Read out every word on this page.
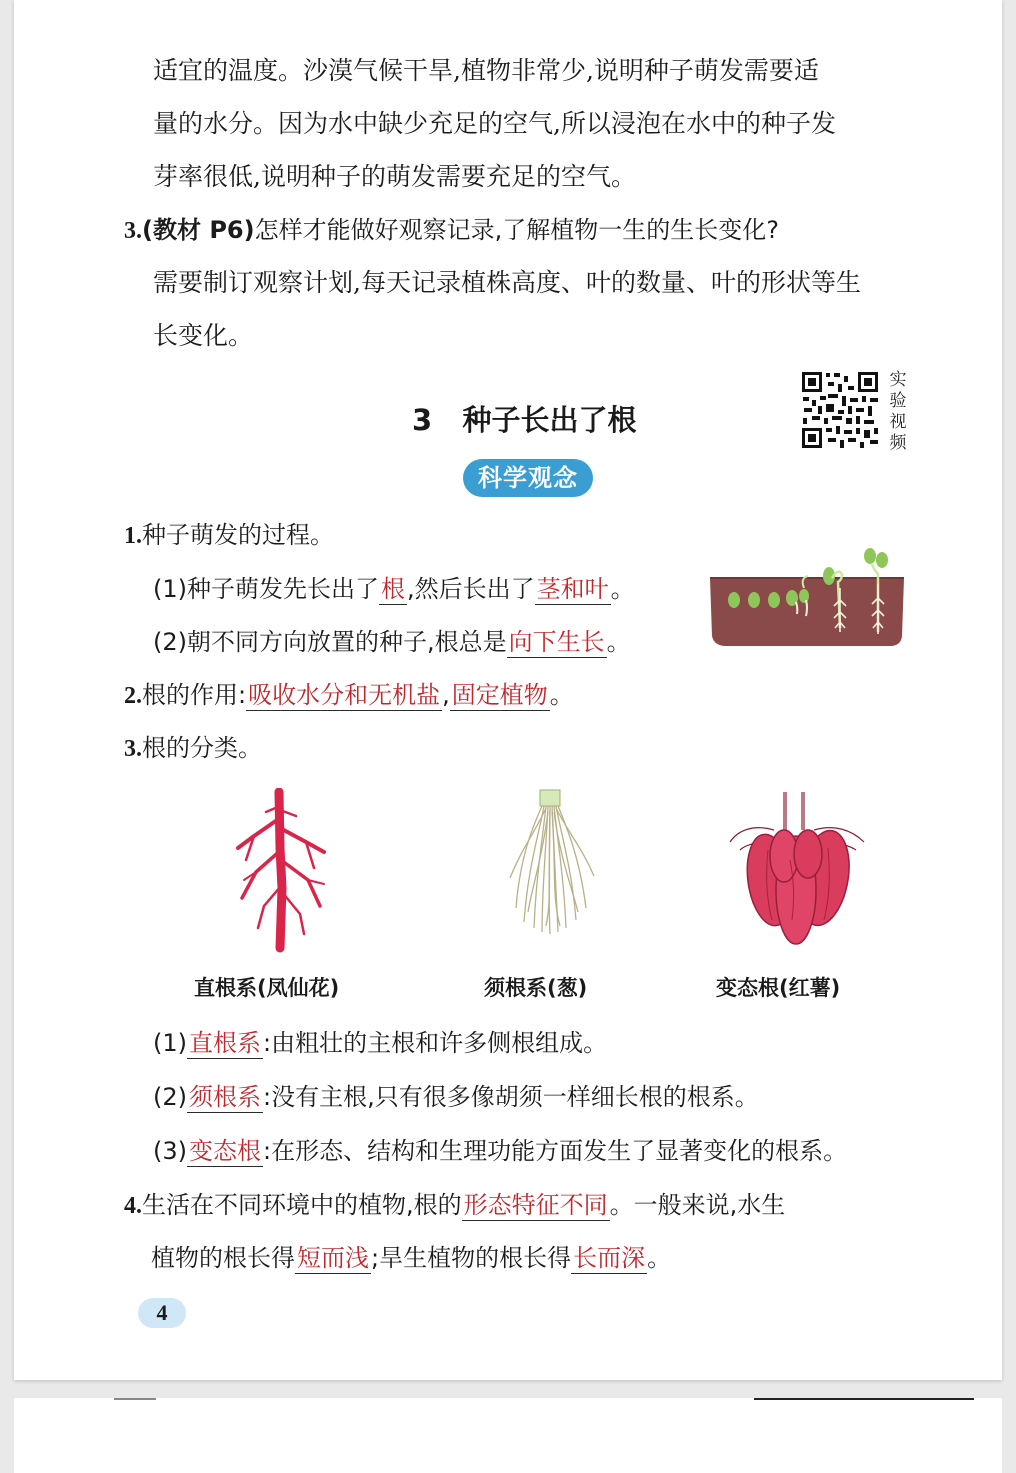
适宜的温度。沙漠气候干旱,植物非常少,说明种子萌发需要适
量的水分。因为水中缺少充足的空气,所以浸泡在水中的种子发
芽率很低,说明种子的萌发需要充足的空气。
3.(教材 P6)怎样才能做好观察记录,了解植物一生的生长变化?
需要制订观察计划,每天记录植株高度、叶的数量、叶的形状等生
长变化。
3 种子长出了根
实
验
视
频
科学观念
1.种子萌发的过程。
(1)种子萌发先长出了根,然后长出了茎和叶。
(2)朝不同方向放置的种子,根总是向下生长。
2.根的作用:吸收水分和无机盐,固定植物。
3.根的分类。
直根系(凤仙花)	须根系(葱)	变态根(红薯)
(1)直根系:由粗壮的主根和许多侧根组成。
(2)须根系:没有主根,只有很多像胡须一样细长根的根系。
(3)变态根:在形态、结构和生理功能方面发生了显著变化的根系。
4.生活在不同环境中的植物,根的形态特征不同。一般来说,水生
植物的根长得短而浅;旱生植物的根长得长而深。
4
